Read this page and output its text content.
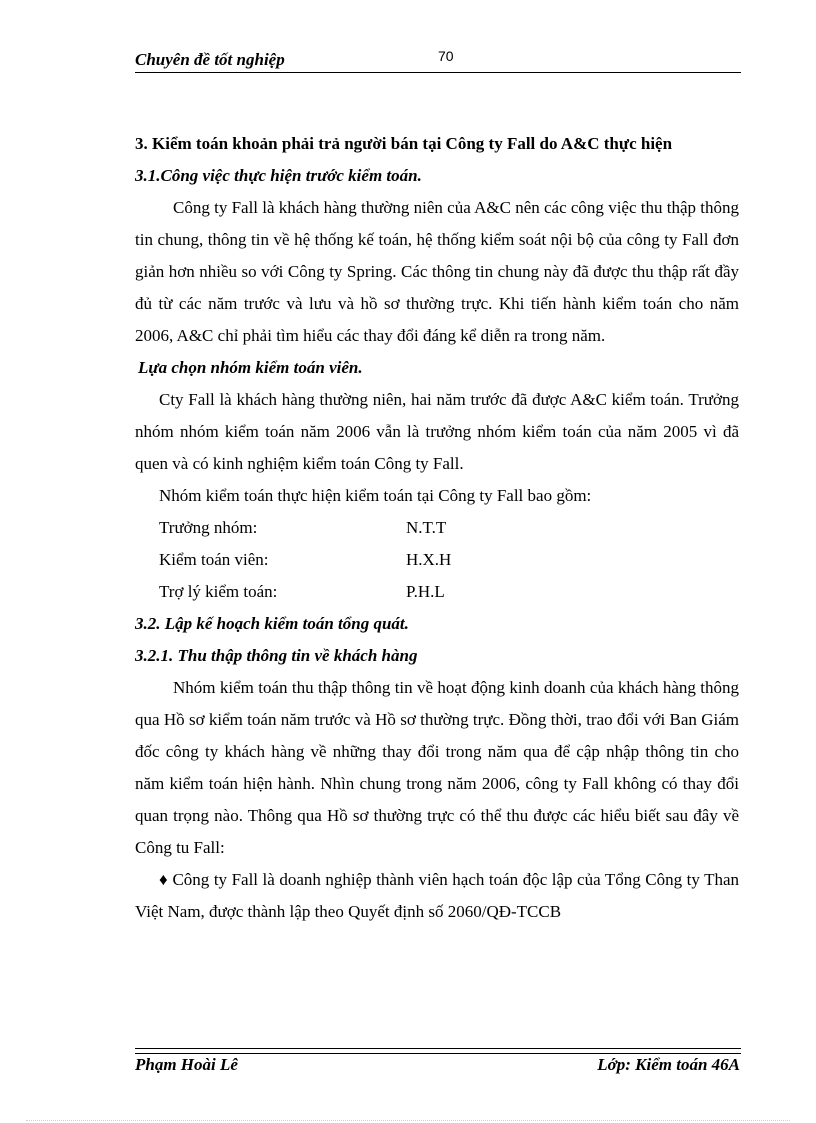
Chuyên đề tốt nghiệp	70

3. Kiểm toán khoản phải trả người bán tại Công ty Fall do A&C thực hiện

3.1.Công việc thực hiện trước kiểm toán.

Công ty Fall là khách hàng thường niên của A&C nên các công việc thu thập thông tin chung, thông tin về hệ thống kế toán, hệ thống kiểm soát nội bộ của công ty Fall đơn giản hơn nhiều so với Công ty Spring. Các thông tin chung này đã được thu thập rất đầy đủ từ các năm trước và lưu và hồ sơ thường trực. Khi tiến hành kiểm toán cho năm 2006, A&C chỉ phải tìm hiểu các thay đổi đáng kể diễn ra trong năm.

Lựa chọn nhóm kiểm toán viên.

Cty Fall là khách hàng thường niên, hai năm trước đã được A&C kiểm toán. Trưởng nhóm nhóm kiểm toán năm 2006 vẫn là trưởng nhóm kiểm toán của năm 2005 vì đã quen và có kinh nghiệm kiểm toán Công ty Fall.

Nhóm kiểm toán thực hiện kiểm toán tại Công ty Fall bao gồm:

Trưởng nhóm:	N.T.T
Kiểm toán viên:	H.X.H
Trợ lý kiểm toán:	P.H.L

3.2. Lập kế hoạch kiểm toán tổng quát.

3.2.1. Thu thập thông tin về khách hàng

Nhóm kiểm toán thu thập thông tin về hoạt động kinh doanh của khách hàng thông qua Hồ sơ kiểm toán năm trước và Hồ sơ thường trực. Đồng thời, trao đổi với Ban Giám đốc công ty khách hàng về những thay đổi trong năm qua để cập nhập thông tin cho năm kiểm toán hiện hành. Nhìn chung trong năm 2006, công ty Fall không có thay đổi quan trọng nào. Thông qua Hồ sơ thường trực có thể thu được các hiểu biết sau đây về Công tu Fall:

♦ Công ty Fall là doanh nghiệp thành viên hạch toán độc lập của Tổng Công ty Than Việt Nam, được thành lập theo Quyết định số 2060/QĐ-TCCB

Phạm Hoài Lê	Lớp: Kiểm toán 46A
